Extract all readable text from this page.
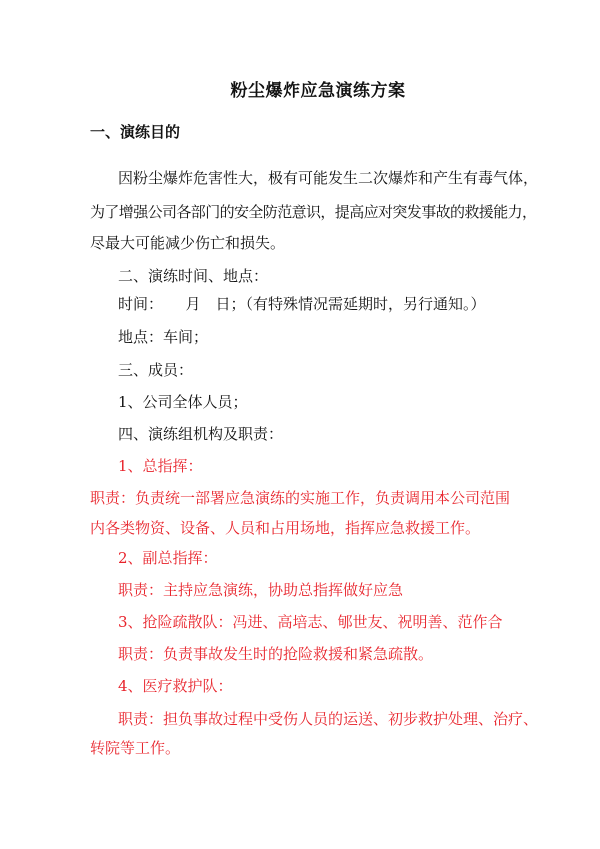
粉尘爆炸应急演练方案
一、演练目的
因粉尘爆炸危害性大，极有可能发生二次爆炸和产生有毒气体，
为了增强公司各部门的安全防范意识，提高应对突发事故的救援能力，
尽最大可能减少伤亡和损失。
二、演练时间、地点：
时间：　　月　日；（有特殊情况需延期时，另行通知。）
地点：车间；
三、成员：
1、公司全体人员；
四、演练组机构及职责：
1、总指挥：
职责：负责统一部署应急演练的实施工作，负责调用本公司范围
内各类物资、设备、人员和占用场地，指挥应急救援工作。
2、副总指挥：
职责：主持应急演练，协助总指挥做好应急
3、抢险疏散队：冯进、高培志、郇世友、祝明善、范作合
职责：负责事故发生时的抢险救援和紧急疏散。
4、医疗救护队：
职责：担负事故过程中受伤人员的运送、初步救护处理、治疗、
转院等工作。
